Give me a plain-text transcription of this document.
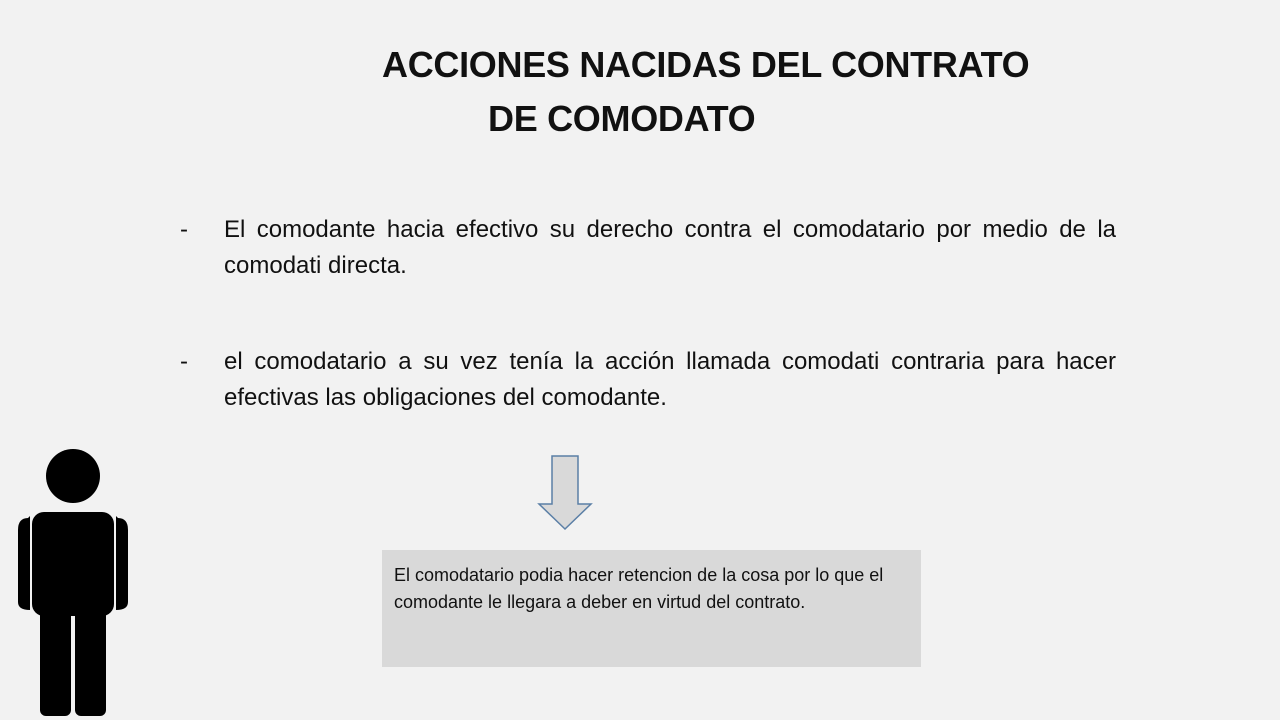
ACCIONES NACIDAS DEL CONTRATO
DE COMODATO
-	El comodante hacia efectivo su derecho contra el comodatario por medio de la comodati directa.
-	el comodatario a su vez tenía la acción llamada comodati contraria para hacer efectivas las obligaciones del comodante.
El comodatario podia hacer retencion de la cosa por lo que el comodante le llegara a deber en virtud del contrato.
